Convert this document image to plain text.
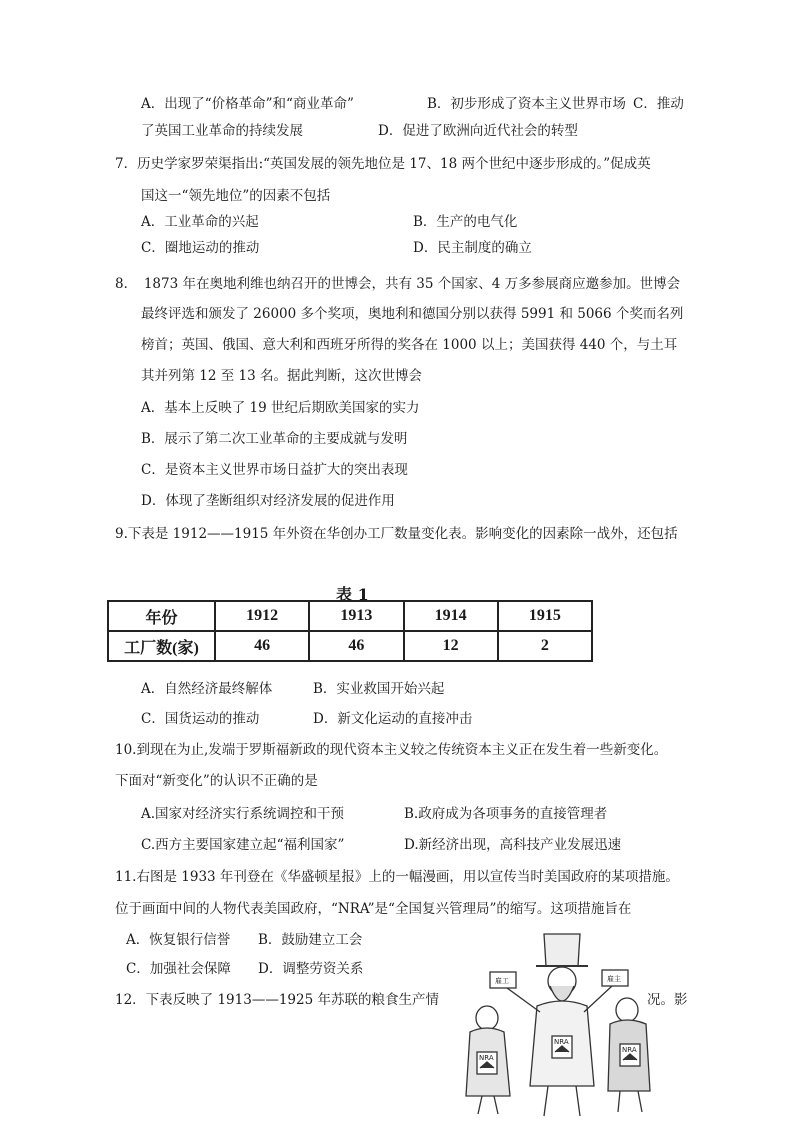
A．出现了“价格革命”和“商业革命”	B．初步形成了资本主义世界市场 C．推动
了英国工业革命的持续发展	D．促进了欧洲向近代社会的转型
7．历史学家罗荣渠指出:“英国发展的领先地位是 17、18 两个世纪中逐步形成的。”促成英
国这一“领先地位”的因素不包括
A．工业革命的兴起	B．生产的电气化
C．圈地运动的推动	D．民主制度的确立
8．　1873 年在奥地利维也纳召开的世博会，共有 35 个国家、4 万多参展商应邀参加。世博会
最终评选和颁发了 26000 多个奖项，奥地利和德国分别以获得 5991 和 5066 个奖而名列
榜首；英国、俄国、意大利和西班牙所得的奖各在 1000 以上；美国获得 440 个，与土耳
其并列第 12 至 13 名。据此判断，这次世博会
A．基本上反映了 19 世纪后期欧美国家的实力
B．展示了第二次工业革命的主要成就与发明
C．是资本主义世界市场日益扩大的突出表现
D．体现了垄断组织对经济发展的促进作用
9.下表是 1912——1915 年外资在华创办工厂数量变化表。影响变化的因素除一战外，还包括
表 1
年份	1912	1913	1914	1915
工厂数(家)	46	46	12	2
A．自然经济最终解体	B．实业救国开始兴起
C．国货运动的推动	D．新文化运动的直接冲击
10.到现在为止,发端于罗斯福新政的现代资本主义较之传统资本主义正在发生着一些新变化。
下面对“新变化”的认识不正确的是
A.国家对经济实行系统调控和干预	B.政府成为各项事务的直接管理者
C.西方主要国家建立起“福利国家”	D.新经济出现，高科技产业发展迅速
11.右图是 1933 年刊登在《华盛顿星报》上的一幅漫画，用以宣传当时美国政府的某项措施。
位于画面中间的人物代表美国政府，“NRA”是“全国复兴管理局”的缩写。这项措施旨在
A．恢复银行信誉 B．鼓励建立工会
C．加强社会保障 D．调整劳资关系
12．下表反映了 1913——1925 年苏联的粮食生产情	况。影
雇工	雇主
NRA
NRA
NRA
